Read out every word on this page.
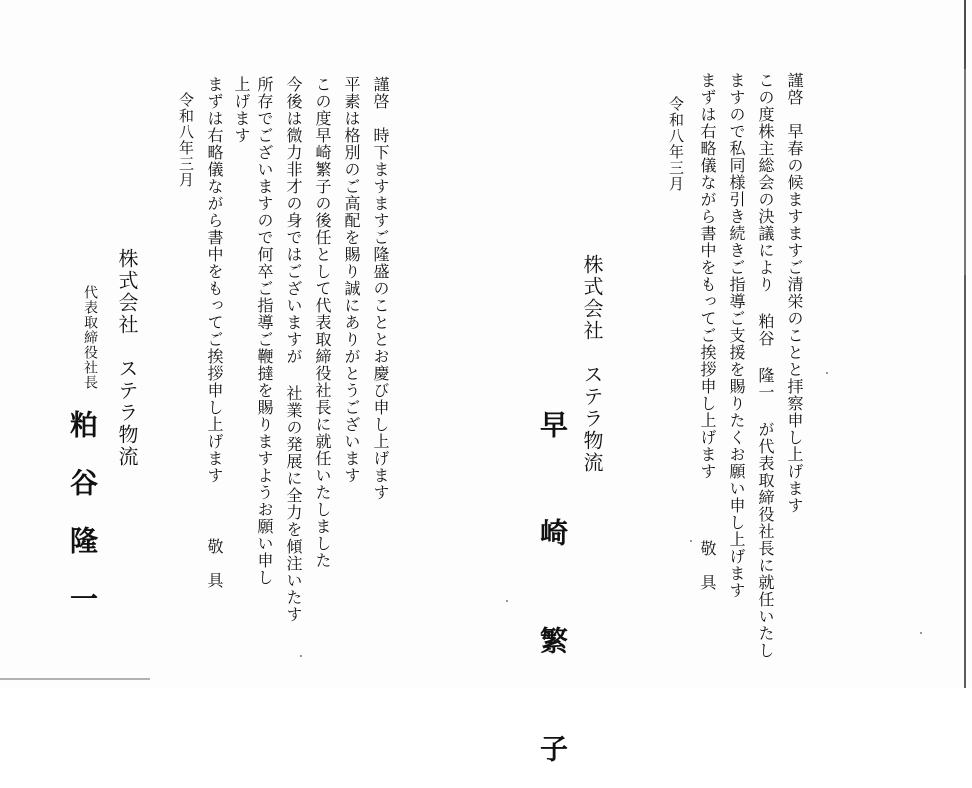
謹啓　早春の候ますますご清栄のことと拝察申し上げます
この度株主総会の決議により 粕谷 隆一 が代表取締役社長に就任いたし
ますので私同様引き続きご指導ご支援を賜りたくお願い申し上げます
まずは右略儀ながら書中をもってご挨拶申し上げます
敬　具
令和八年三月
株式会社　ステラ物流
早　崎　繁　子
謹啓　時下ますますご隆盛のこととお慶び申し上げます
平素は格別のご高配を賜り誠にありがとうございます
この度早崎繁子の後任として代表取締役社長に就任いたしました
今後は微力非才の身ではございますが 社業の発展に全力を傾注いたす
所存でございますので何卒ご指導ご鞭撻を賜りますようお願い申し
上げます
まずは右略儀ながら書中をもってご挨拶申し上げます
敬　具
令和八年三月
株式会社　ステラ物流
代表取締役社長
粕谷隆一
